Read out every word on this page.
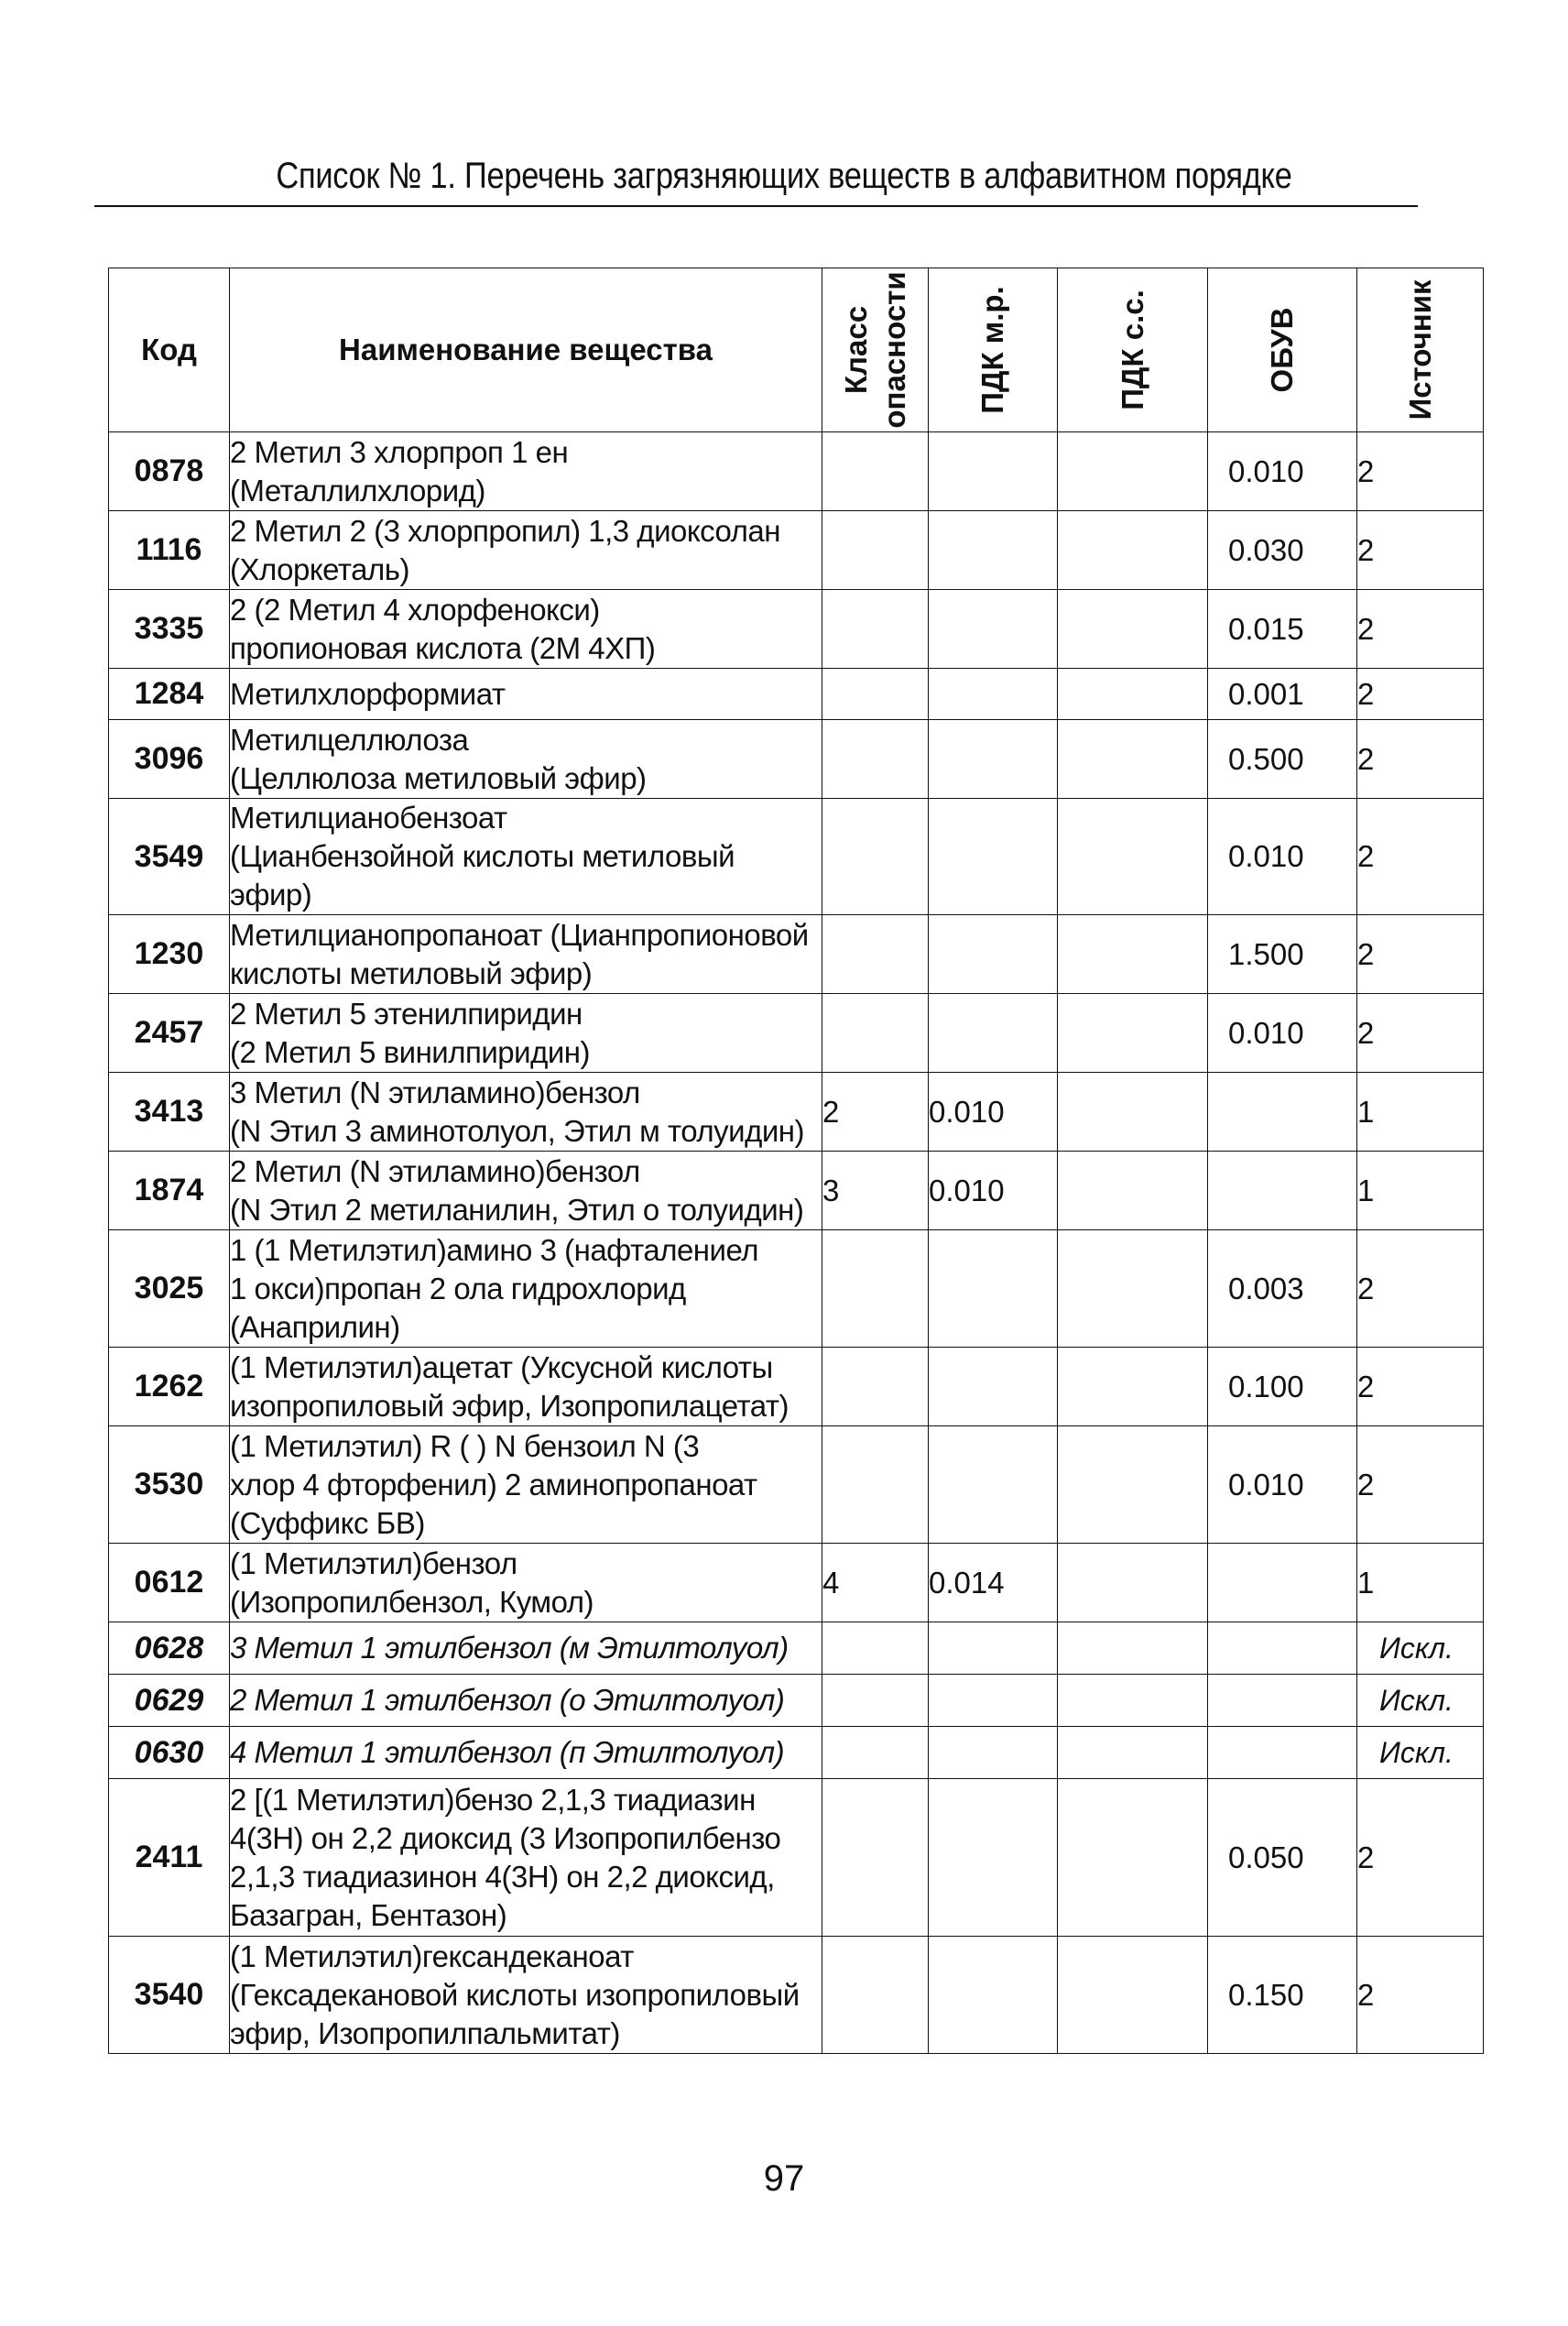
Список № 1. Перечень загрязняющих веществ в алфавитном порядке
Код	Наименование вещества	Класс опасности	ПДК м.р.	ПДК с.с.	ОБУВ	Источник

0878	2 Метил 3 хлорпроп 1 ен
(Металлилхлорид)				0.010	2
1116	2 Метил 2 (3 хлорпропил) 1,3 диоксолан
(Хлоркеталь)				0.030	2
3335	2 (2 Метил 4 хлорфенокси)
пропионовая кислота (2М 4ХП)				0.015	2
1284	Метилхлорформиат				0.001	2
3096	Метилцеллюлоза
(Целлюлоза метиловый эфир)				0.500	2
3549	Метилцианобензоат
(Цианбензойной кислоты метиловый эфир)				0.010	2
1230	Метилцианопропаноат (Цианпропионовой
кислоты метиловый эфир)				1.500	2
2457	2 Метил 5 этенилпиридин
(2 Метил 5 винилпиридин)				0.010	2
3413	3 Метил (N этиламино)бензол
(N Этил 3 аминотолуол, Этил м толуидин)	2	0.010			1
1874	2 Метил (N этиламино)бензол
(N Этил 2 метиланилин, Этил о толуидин)	3	0.010			1
3025	1 (1 Метилэтил)амино 3 (нафталениел
1 окси)пропан 2 ола гидрохлорид
(Анаприлин)				0.003	2
1262	(1 Метилэтил)ацетат (Уксусной кислоты
изопропиловый эфир, Изопропилацетат)				0.100	2
3530	(1 Метилэтил) R ( ) N бензоил N (3
хлор 4 фторфенил) 2 аминопропаноат
(Суффикс БВ)				0.010	2
0612	(1 Метилэтил)бензол
(Изопропилбензол, Кумол)	4	0.014			1
0628	3 Метил 1 этилбензол (м Этилтолуол)					Искл.
0629	2 Метил 1 этилбензол (о Этилтолуол)					Искл.
0630	4 Метил 1 этилбензол (п Этилтолуол)					Искл.
2411	2 [(1 Метилэтил)бензо 2,1,3 тиадиазин
4(3Н) он 2,2 диоксид (3 Изопропилбензо
2,1,3 тиадиазинон 4(3Н) он 2,2 диоксид,
Базагран, Бентазон)				0.050	2
3540	(1 Метилэтил)гександеканоат
(Гексадекановой кислоты изопропиловый
эфир, Изопропилпальмитат)				0.150	2
97
